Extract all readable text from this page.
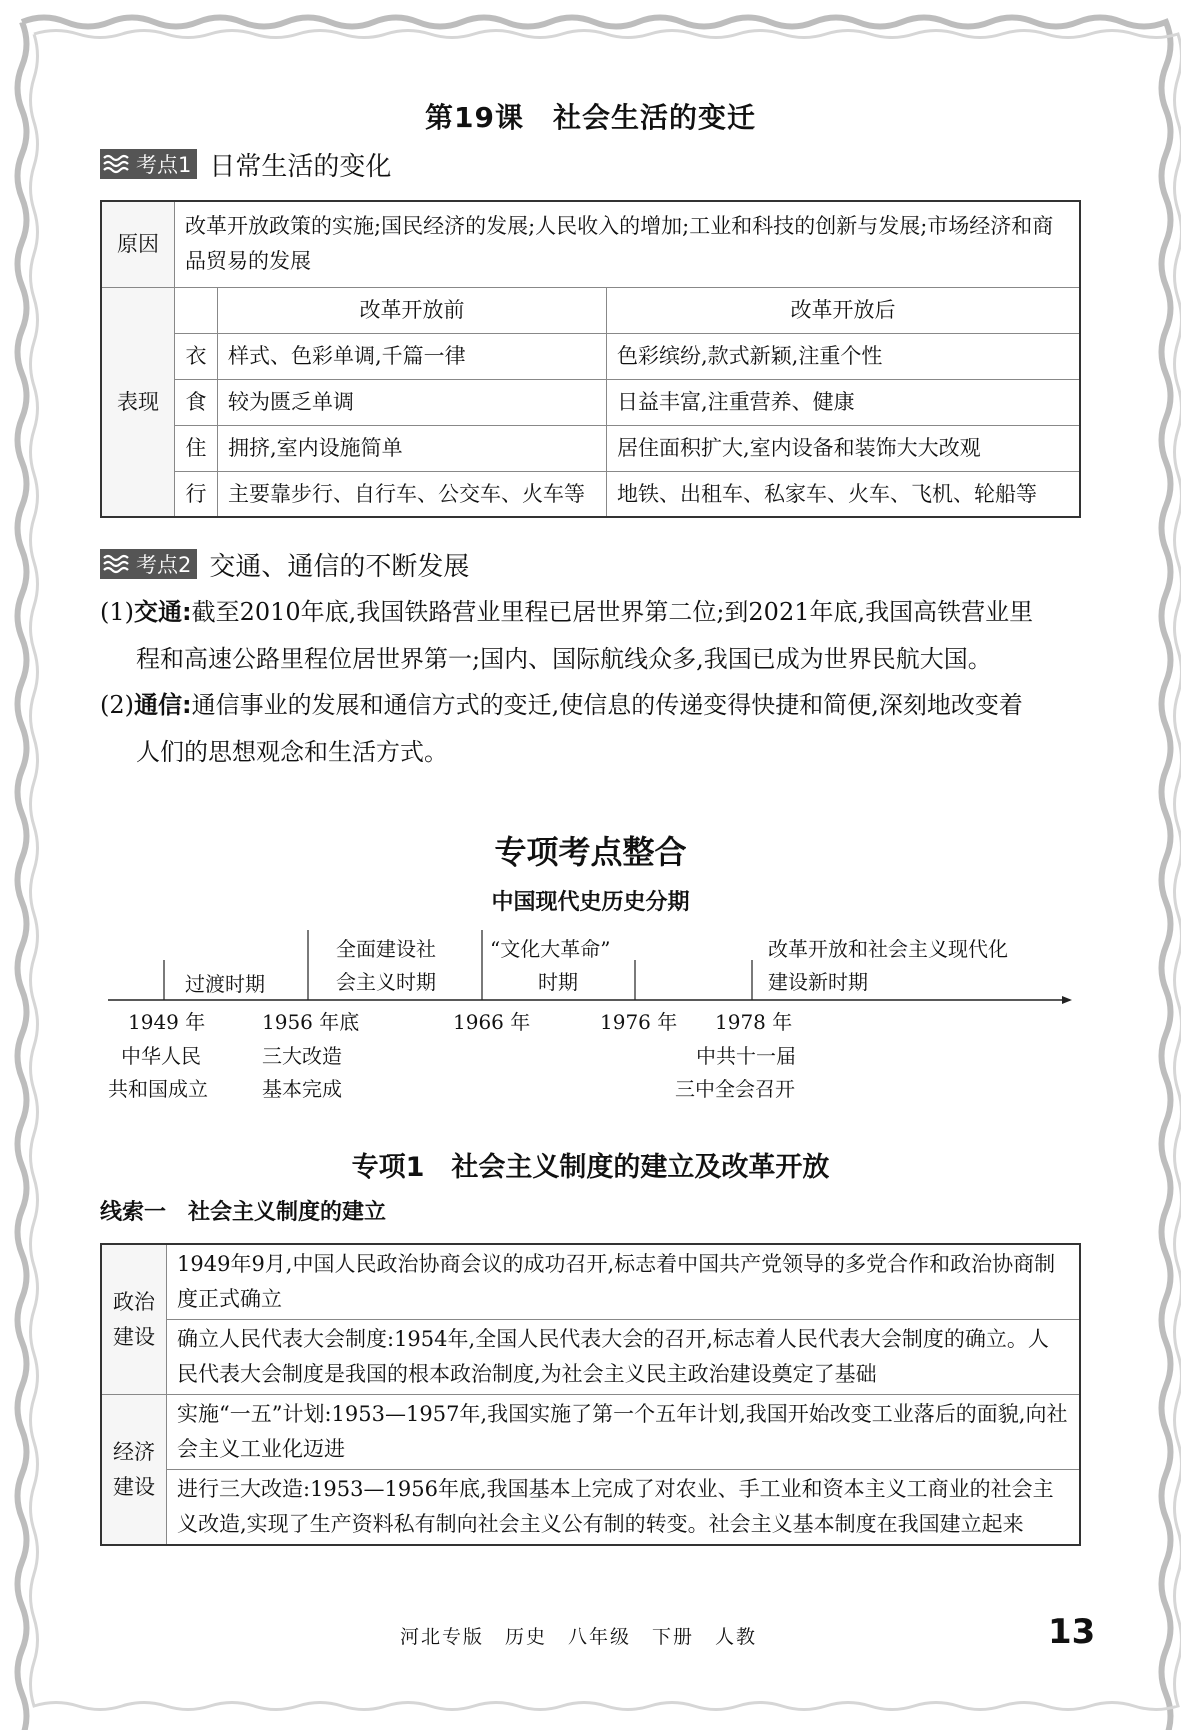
第19课　社会生活的变迁
考点1 日常生活的变化
原因	改革开放政策的实施;国民经济的发展;人民收入的增加;工业和科技的创新与发展;市场经济和商品贸易的发展		
表现		改革开放前	改革开放后
	衣	样式、色彩单调,千篇一律	色彩缤纷,款式新颖,注重个性
	食	较为匮乏单调	日益丰富,注重营养、健康
	住	拥挤,室内设施简单	居住面积扩大,室内设备和装饰大大改观
	行	主要靠步行、自行车、公交车、火车等	地铁、出租车、私家车、火车、飞机、轮船等
考点2 交通、通信的不断发展
(1)交通:截至2010年底,我国铁路营业里程已居世界第二位;到2021年底,我国高铁营业里
程和高速公路里程位居世界第一;国内、国际航线众多,我国已成为世界民航大国。
(2)通信:通信事业的发展和通信方式的变迁,使信息的传递变得快捷和简便,深刻地改变着
人们的思想观念和生活方式。
专项考点整合
中国现代史历史分期
过渡时期
全面建设社
会主义时期
“文化大革命”
时期
改革开放和社会主义现代化
建设新时期
1949 年	1956 年底	1966 年	1976 年 1978 年
中华人民
共和国成立
三大改造
基本完成
中共十一届
三中全会召开
专项1　社会主义制度的建立及改革开放
线索一　社会主义制度的建立
政治
建设	1949年9月,中国人民政治协商会议的成功召开,标志着中国共产党领导的多党合作和政治协商制度正式确立
	确立人民代表大会制度:1954年,全国人民代表大会的召开,标志着人民代表大会制度的确立。人民代表大会制度是我国的根本政治制度,为社会主义民主政治建设奠定了基础

经济
建设	实施“一五”计划:1953—1957年,我国实施了第一个五年计划,我国开始改变工业落后的面貌,向社会主义工业化迈进
	进行三大改造:1953—1956年底,我国基本上完成了对农业、手工业和资本主义工商业的社会主义改造,实现了生产资料私有制向社会主义公有制的转变。社会主义基本制度在我国建立起来
河北专版　历史　八年级　下册　人教	13
